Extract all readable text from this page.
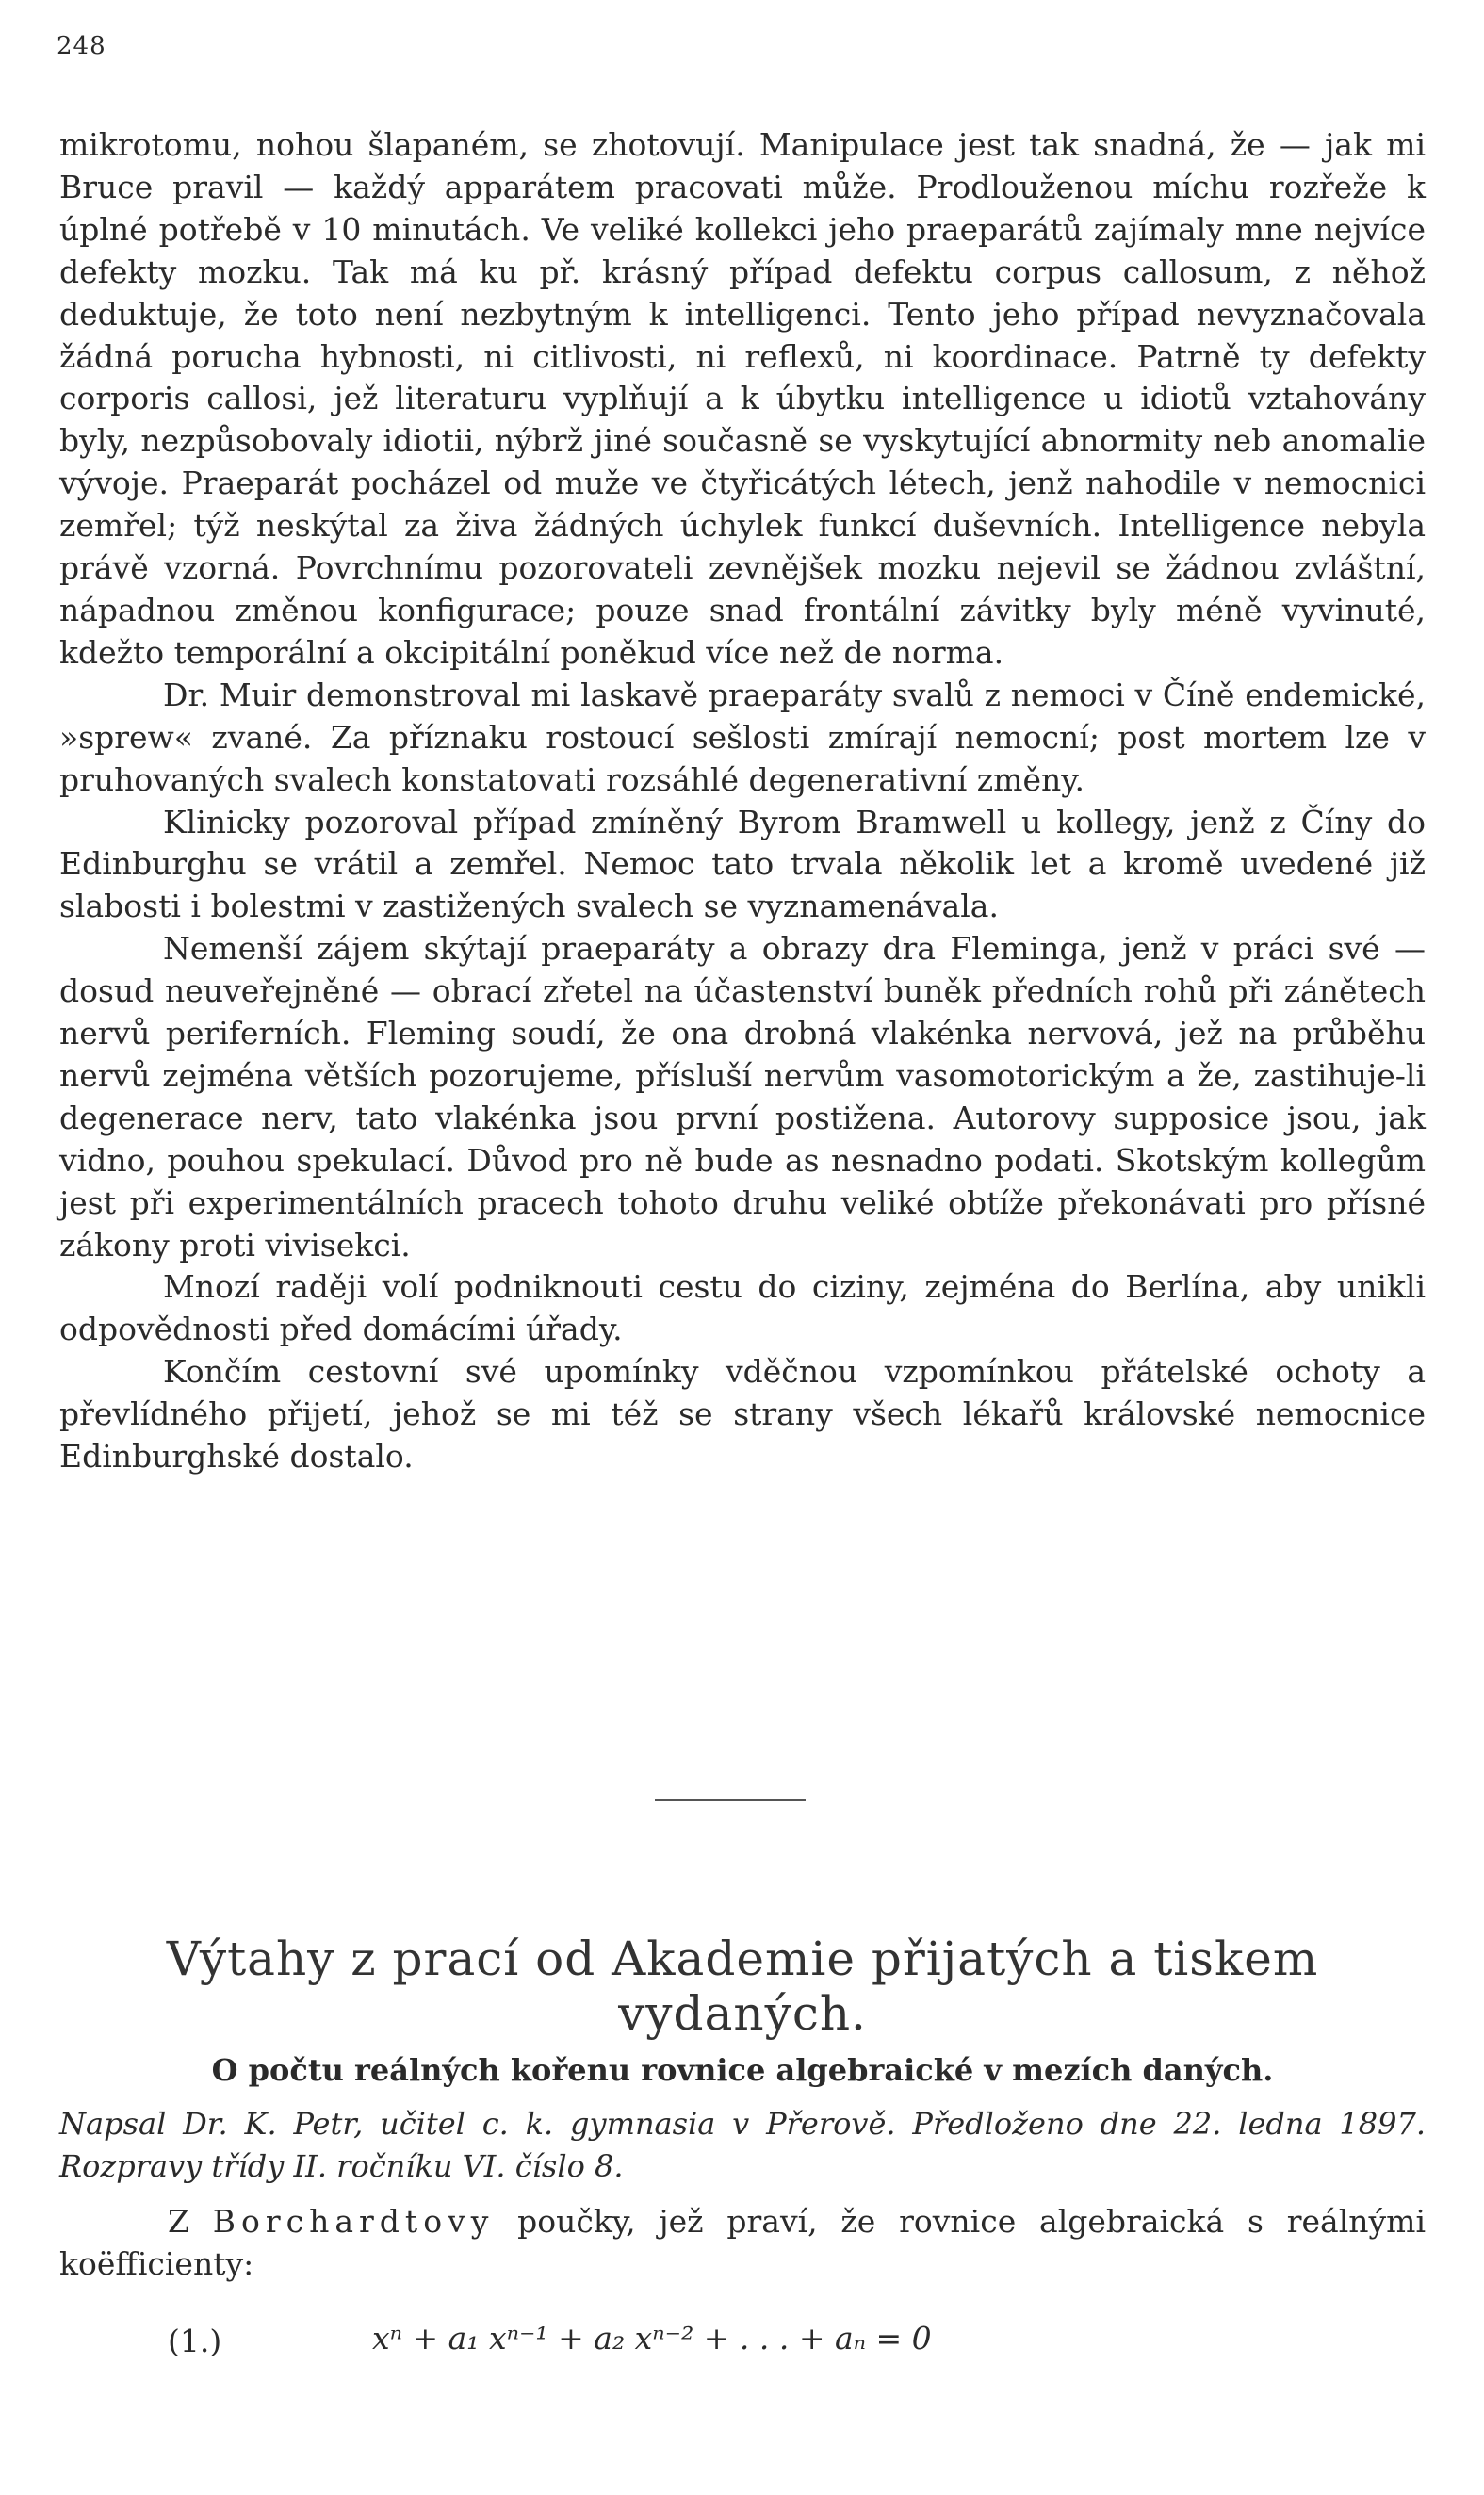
248

mikrotomu, nohou šlapaném, se zhotovují. Manipulace jest tak snadná, že — jak mi Bruce pravil — každý apparátem pracovati může. Prodlouženou míchu rozřeže k úplné potřebě v 10 minutách. Ve veliké kollekci jeho praeparátů zajímaly mne nejvíce defekty mozku. Tak má ku př. krásný případ defektu corpus callosum, z něhož deduktuje, že toto není nezbytným k intelligenci. Tento jeho případ nevyznačovala žádná porucha hybnosti, ni citlivosti, ni reflexů, ni koordinace. Patrně ty defekty corporis callosi, jež literaturu vyplňují a k úbytku intelligence u idiotů vztahovány byly, nezpůsobovaly idiotii, nýbrž jiné současně se vyskytující abnormity neb anomalie vývoje. Praeparát pocházel od muže ve čtyřicátých létech, jenž nahodile v nemocnici zemřel; týž neskýtal za živa žádných úchylek funkcí duševních. Intelligence nebyla právě vzorná. Povrchnímu pozorovateli zevnějšek mozku nejevil se žádnou zvláštní, nápadnou změnou konfigurace; pouze snad frontální závitky byly méně vyvinuté, kdežto temporální a okcipitální poněkud více než de norma.

Dr. Muir demonstroval mi laskavě praeparáty svalů z nemoci v Číně endemické, »sprew« zvané. Za příznaku rostoucí sešlosti zmírají nemocní; post mortem lze v pruhovaných svalech konstatovati rozsáhlé degenerativní změny.

Klinicky pozoroval případ zmíněný Byrom Bramwell u kollegy, jenž z Číny do Edinburghu se vrátil a zemřel. Nemoc tato trvala několik let a kromě uvedené již slabosti i bolestmi v zastižených svalech se vyznamenávala.

Nemenší zájem skýtají praeparáty a obrazy dra Fleminga, jenž v práci své — dosud neuveřejněné — obrací zřetel na účastenství buněk předních rohů při zánětech nervů periferních. Fleming soudí, že ona drobná vlakénka nervová, jež na průběhu nervů zejména větších pozorujeme, přísluší nervům vasomotorickým a že, zastihuje-li degenerace nerv, tato vlakénka jsou první postižena. Autorovy supposice jsou, jak vidno, pouhou spekulací. Důvod pro ně bude as nesnadno podati. Skotským kollegům jest při experimentálních pracech tohoto druhu veliké obtíže překonávati pro přísné zákony proti vivisekci.

Mnozí raději volí podniknouti cestu do ciziny, zejména do Berlína, aby unikli odpovědnosti před domácími úřady.

Končím cestovní své upomínky vděčnou vzpomínkou přátelské ochoty a převlídného přijetí, jehož se mi též se strany všech lékařů královské nemocnice Edinburghské dostalo.

Výtahy z prací od Akademie přijatých a tiskem vydaných.
O počtu reálných kořenu rovnice algebraické v mezích daných.

Napsal Dr. K. Petr, učitel c. k. gymnasia v Přerově. Předloženo dne 22. ledna 1897. Rozpravy třídy II. ročníku VI. číslo 8.

Z Borchardtovy poučky, jež praví, že rovnice algebraická s reálnými koëfficienty:

(1.)	xⁿ + a₁ xⁿ⁻¹ + a₂ xⁿ⁻² + . . . + aₙ = 0
